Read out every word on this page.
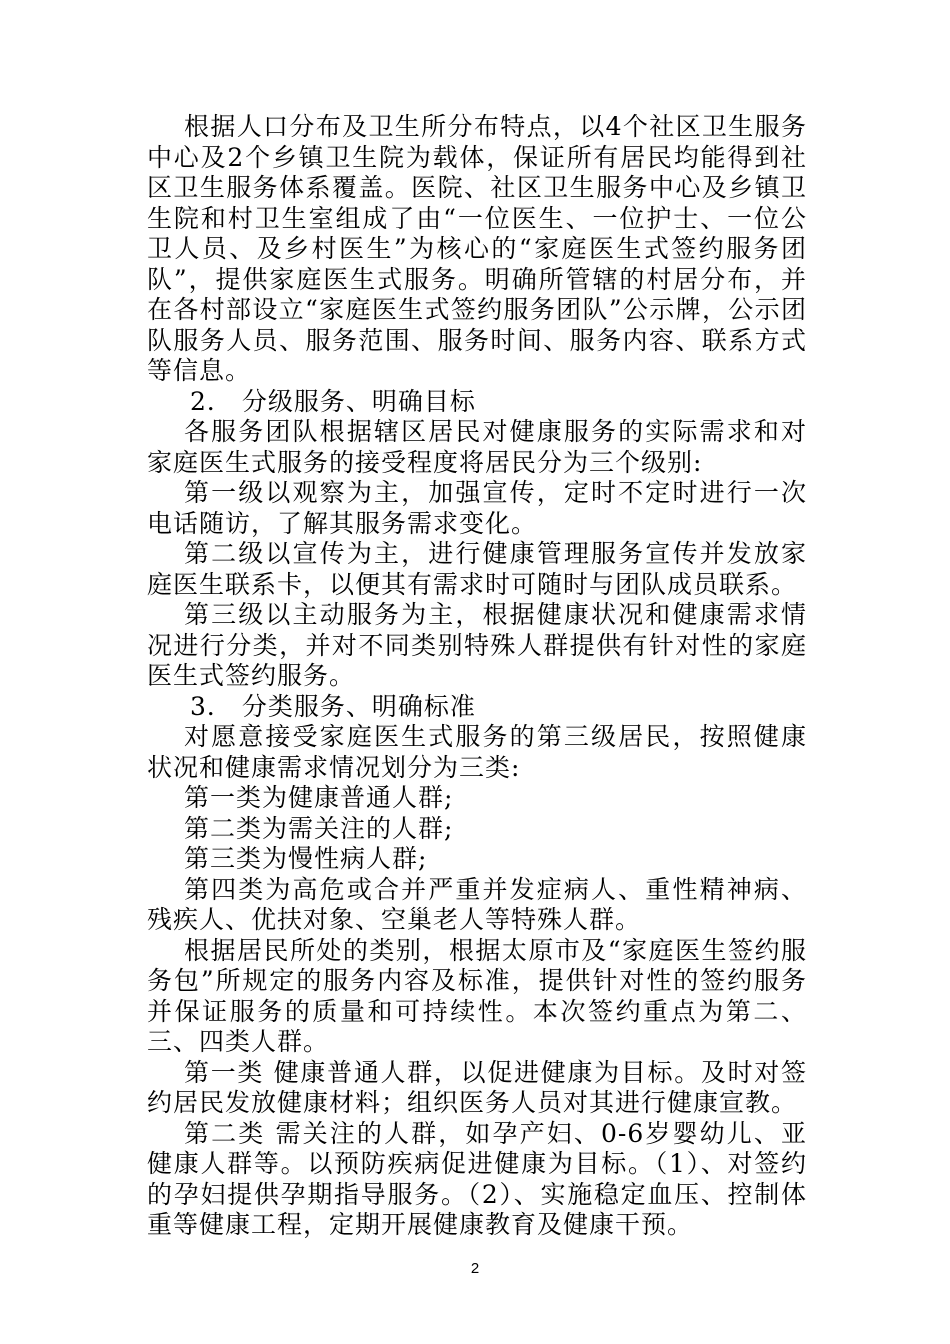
根据人口分布及卫生所分布特点，以4个社区卫生服务中心及2个乡镇卫生院为载体，保证所有居民均能得到社区卫生服务体系覆盖。医院、社区卫生服务中心及乡镇卫生院和村卫生室组成了由“一位医生、一位护士、一位公卫人员、及乡村医生”为核心的“家庭医生式签约服务团队”，提供家庭医生式服务。明确所管辖的村居分布，并在各村部设立“家庭医生式签约服务团队”公示牌，公示团队服务人员、服务范围、服务时间、服务内容、联系方式等信息。

2． 分级服务、明确目标

各服务团队根据辖区居民对健康服务的实际需求和对家庭医生式服务的接受程度将居民分为三个级别:

第一级以观察为主，加强宣传，定时不定时进行一次电话随访，了解其服务需求变化。

第二级以宣传为主，进行健康管理服务宣传并发放家庭医生联系卡，以便其有需求时可随时与团队成员联系。

第三级以主动服务为主，根据健康状况和健康需求情况进行分类，并对不同类别特殊人群提供有针对性的家庭医生式签约服务。

3． 分类服务、明确标准

对愿意接受家庭医生式服务的第三级居民，按照健康状况和健康需求情况划分为三类:

第一类为健康普通人群;

第二类为需关注的人群;

第三类为慢性病人群;

第四类为高危或合并严重并发症病人、重性精神病、残疾人、优扶对象、空巢老人等特殊人群。

根据居民所处的类别，根据太原市及“家庭医生签约服务包”所规定的服务内容及标准，提供针对性的签约服务并保证服务的质量和可持续性。本次签约重点为第二、三、四类人群。

第一类 健康普通人群，以促进健康为目标。及时对签约居民发放健康材料；组织医务人员对其进行健康宣教。

第二类 需关注的人群，如孕产妇、0-6岁婴幼儿、亚健康人群等。以预防疾病促进健康为目标。（1）、对签约的孕妇提供孕期指导服务。（2）、实施稳定血压、控制体重等健康工程，定期开展健康教育及健康干预。

2
